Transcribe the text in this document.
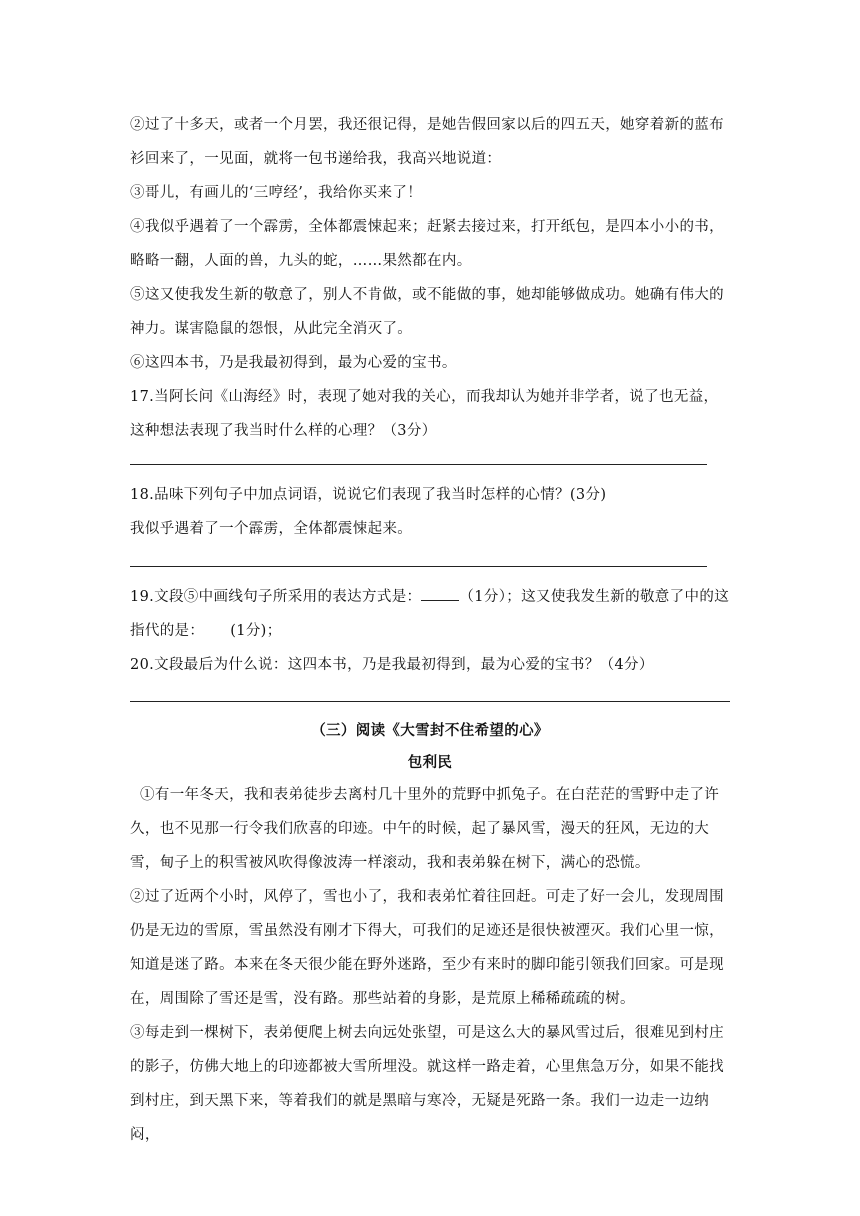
②过了十多天，或者一个月罢，我还很记得，是她告假回家以后的四五天，她穿着新的蓝布衫回来了，一见面，就将一包书递给我，我高兴地说道：

③哥儿，有画儿的‘三哼经’，我给你买来了！

④我似乎遇着了一个霹雳，全体都震悚起来；赶紧去接过来，打开纸包，是四本小小的书，略略一翻，人面的兽，九头的蛇，……果然都在内。

⑤这又使我发生新的敬意了，别人不肯做，或不能做的事，她却能够做成功。她确有伟大的神力。谋害隐鼠的怨恨，从此完全消灭了。

⑥这四本书，乃是我最初得到，最为心爱的宝书。

17.当阿长问《山海经》时，表现了她对我的关心，而我却认为她并非学者，说了也无益，这种想法表现了我当时什么样的心理？（3分）

18.品味下列句子中加点词语，说说它们表现了我当时怎样的心情？(3分)

我似乎遇着了一个霹雳，全体都震悚起来。

19.文段⑤中画线句子所采用的表达方式是：	（1分）；这又使我发生新的敬意了中的这指代的是： (1分)；

20.文段最后为什么说：这四本书，乃是我最初得到，最为心爱的宝书？（4分）

（三）阅读《大雪封不住希望的心》

包利民

①有一年冬天，我和表弟徒步去离村几十里外的荒野中抓兔子。在白茫茫的雪野中走了许久，也不见那一行令我们欣喜的印迹。中午的时候，起了暴风雪，漫天的狂风，无边的大雪，甸子上的积雪被风吹得像波涛一样滚动，我和表弟躲在树下，满心的恐慌。

②过了近两个小时，风停了，雪也小了，我和表弟忙着往回赶。可走了好一会儿，发现周围仍是无边的雪原，雪虽然没有刚才下得大，可我们的足迹还是很快被湮灭。我们心里一惊，知道是迷了路。本来在冬天很少能在野外迷路，至少有来时的脚印能引领我们回家。可是现在，周围除了雪还是雪，没有路。那些站着的身影，是荒原上稀稀疏疏的树。

③每走到一棵树下，表弟便爬上树去向远处张望，可是这么大的暴风雪过后，很难见到村庄的影子，仿佛大地上的印迹都被大雪所埋没。就这样一路走着，心里焦急万分，如果不能找到村庄，到天黑下来，等着我们的就是黑暗与寒冷，无疑是死路一条。我们一边走一边纳闷，
